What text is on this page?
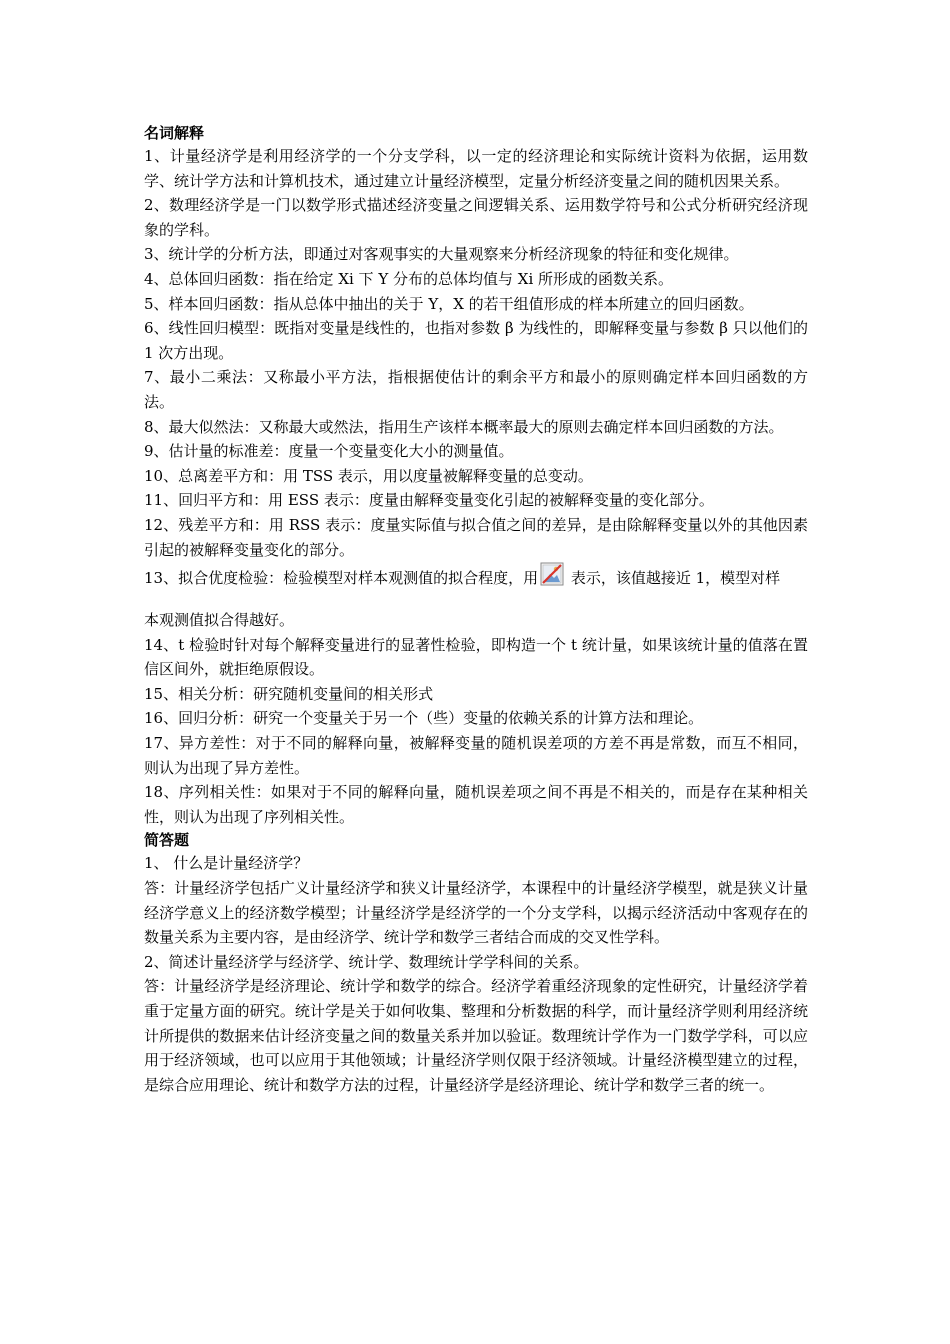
名词解释

1、计量经济学是利用经济学的一个分支学科，以一定的经济理论和实际统计资料为依据，运用数学、统计学方法和计算机技术，通过建立计量经济模型，定量分析经济变量之间的随机因果关系。

2、数理经济学是一门以数学形式描述经济变量之间逻辑关系、运用数学符号和公式分析研究经济现象的学科。

3、统计学的分析方法，即通过对客观事实的大量观察来分析经济现象的特征和变化规律。

4、总体回归函数：指在给定 Xi 下 Y 分布的总体均值与 Xi 所形成的函数关系。

5、样本回归函数：指从总体中抽出的关于 Y，X 的若干组值形成的样本所建立的回归函数。

6、线性回归模型：既指对变量是线性的，也指对参数 β 为线性的，即解释变量与参数 β 只以他们的 1 次方出现。

7、最小二乘法：又称最小平方法，指根据使估计的剩余平方和最小的原则确定样本回归函数的方法。

8、最大似然法：又称最大或然法，指用生产该样本概率最大的原则去确定样本回归函数的方法。

9、估计量的标准差：度量一个变量变化大小的测量值。

10、总离差平方和：用 TSS 表示，用以度量被解释变量的总变动。

11、回归平方和：用 ESS 表示：度量由解释变量变化引起的被解释变量的变化部分。

12、残差平方和：用 RSS 表示：度量实际值与拟合值之间的差异，是由除解释变量以外的其他因素引起的被解释变量变化的部分。

13、拟合优度检验：检验模型对样本观测值的拟合程度，用 表示，该值越接近 1，模型对样
本观测值拟合得越好。

14、t 检验时针对每个解释变量进行的显著性检验，即构造一个 t 统计量，如果该统计量的值落在置信区间外，就拒绝原假设。

15、相关分析：研究随机变量间的相关形式

16、回归分析：研究一个变量关于另一个（些）变量的依赖关系的计算方法和理论。

17、异方差性：对于不同的解释向量，被解释变量的随机误差项的方差不再是常数，而互不相同，则认为出现了异方差性。

18、序列相关性：如果对于不同的解释向量，随机误差项之间不再是不相关的，而是存在某种相关性，则认为出现了序列相关性。

简答题

1、 什么是计量经济学？

答：计量经济学包括广义计量经济学和狭义计量经济学，本课程中的计量经济学模型，就是狭义计量经济学意义上的经济数学模型；计量经济学是经济学的一个分支学科，以揭示经济活动中客观存在的数量关系为主要内容，是由经济学、统计学和数学三者结合而成的交叉性学科。

2、简述计量经济学与经济学、统计学、数理统计学学科间的关系。

答：计量经济学是经济理论、统计学和数学的综合。经济学着重经济现象的定性研究，计量经济学着重于定量方面的研究。统计学是关于如何收集、整理和分析数据的科学，而计量经济学则利用经济统计所提供的数据来估计经济变量之间的数量关系并加以验证。数理统计学作为一门数学学科，可以应用于经济领域，也可以应用于其他领域；计量经济学则仅限于经济领域。计量经济模型建立的过程，是综合应用理论、统计和数学方法的过程，计量经济学是经济理论、统计学和数学三者的统一。
